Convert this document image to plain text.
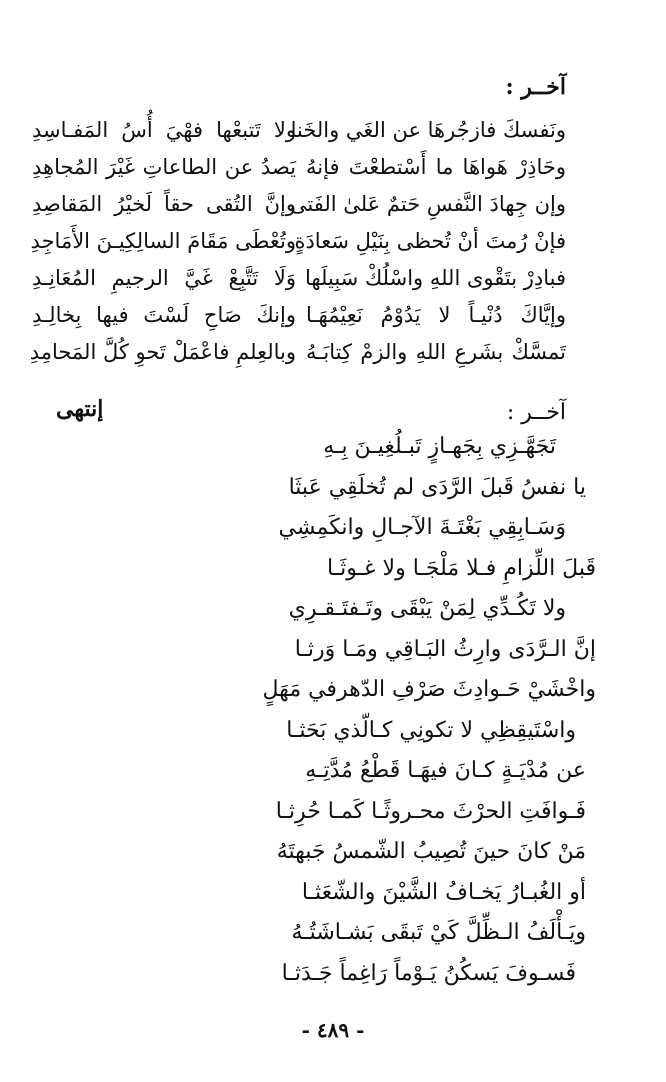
آخــر :
ونَفسكَ فازجُرهَا عن الغَي والخَنا
ولا تَتبعْها فهْيَ أُسُ المَفـاسِدِ
وحَاذِرْ هَواهَا ما أَسْتطعْتَ فإنهُ
يَصدُ عن الطاعاتِ غَيْرَ المُجاهِدِ
وإن جِهادَ النَّفسِ حَتمٌ عَلىٰ الفَتى
وإنَّ التُقى حقاً لَخيْرُ المَقاصِدِ
فإنْ رُمتَ أنْ تُحظى بِنَيْلِ سَعادَةٍ
وتُعْطَى مَقَامَ السالِكِيـنَ الأَمَاجِدِ
فبادِرْ بتَقْوى اللهِ واسْلُكْ سَبِيلَها
وَلَا تَتَّبِعْ غَيَّ الرجيمِ المُعَانِـدِ
وإيَّاكَ دُنْيـاً لا يَدُوْمُ نَعِيْمُهَـا
وإنكَ صَاحِ لَسْتَ فيها بِخالِـدِ
تَمسَّكْ بشَرعِ اللهِ والزمْ كِتابَـهُ
وبالعِلمِ فاعْمَلْ تَحوِ كُلَّ المَحامِدِ
آخــر :
إنتهى
تَجَهَّـزِي بِجَهـازٍ تَبـلُغِيـنَ بِـهِ
يا نفسُ قَبلَ الرَّدَى لم تُخلَقِي عَبثَا
وَسَـابِقِي بَغْتَـةَ الآجـالِ وانكَمِشِي
قَبلَ اللِّزامِ فـلا مَلْجَـا ولا غـوثَـا
ولا تَكُـدِّي لِمَنْ يَبْقَى وتَـفتَـقـرِي
إنَّ الـرَّدَى وارِثُ البَـاقِي ومَـا وَرثـا
واخْشَيْ حَـوادِثَ صَرْفِ الدّهرفي مَهَلٍ
واسْتَيقِظِي لا تكونِي كـالّذي بَحَثـا
عن مُدْيَـةٍ كـانَ فيهَـا قَطْعُ مُدَّتِـهِ
فَـوافَتِ الحرْثَ محـروثًـا كَمـا حُرِثـا
مَنْ كانَ حينَ تُصِيبُ الشّمسُ جَبهتَهُ
أو الغُبـارُ يَخـافُ الشَّيْنَ والشّعَثـا
ويَـأْلَفُ الـظِّلَّ كَيْ تَبقَى بَشـاشَتُـهُ
فَسـوفَ يَسكُنُ يَـوْماً رَاغِماً جَـدَثـا
- ٤٨٩ -
